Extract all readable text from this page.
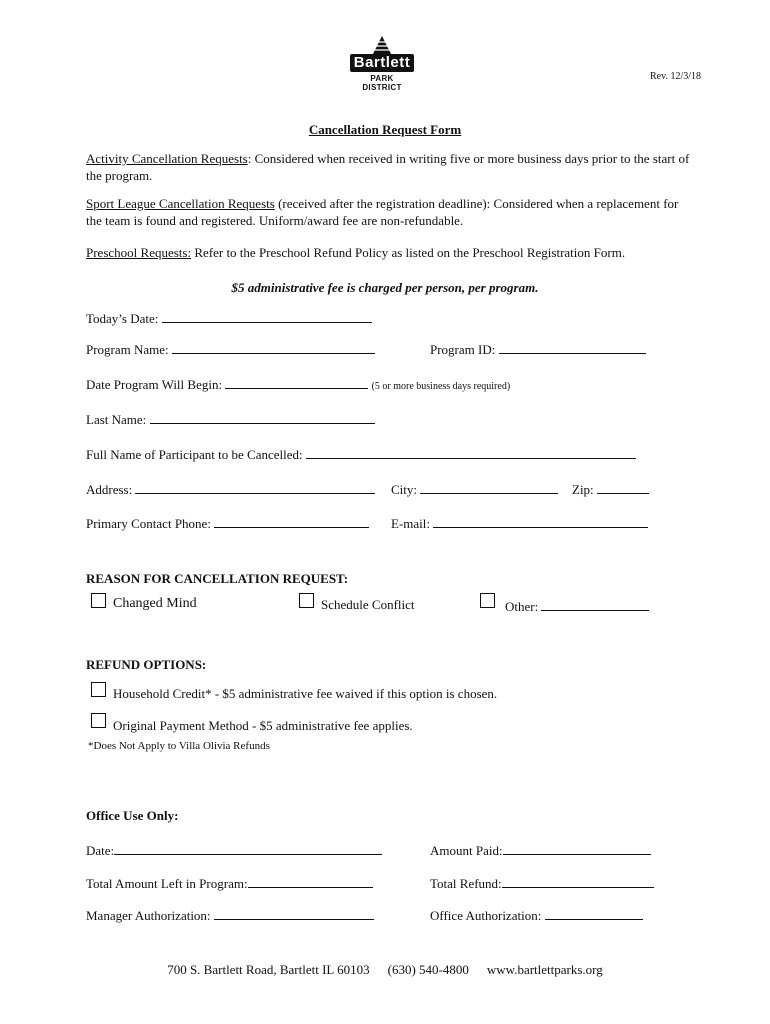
Bartlett
PARK DISTRICT
Rev. 12/3/18
Cancellation Request Form
Activity Cancellation Requests: Considered when received in writing five or more business days prior to the start of the program.
Sport League Cancellation Requests (received after the registration deadline): Considered when a replacement for the team is found and registered. Uniform/award fee are non-refundable.
Preschool Requests: Refer to the Preschool Refund Policy as listed on the Preschool Registration Form.
$5 administrative fee is charged per person, per program.
Today’s Date:
Program Name:	Program ID:
Date Program Will Begin:	(5 or more business days required)
Last Name:
Full Name of Participant to be Cancelled:
Address:	City:	Zip:
Primary Contact Phone:	E-mail:
REASON FOR CANCELLATION REQUEST:
Changed Mind	Schedule Conflict	Other:
REFUND OPTIONS:
Household Credit* - $5 administrative fee waived if this option is chosen.
Original Payment Method - $5 administrative fee applies.
*Does Not Apply to Villa Olivia Refunds
Office Use Only:
Date:	Amount Paid:
Total Amount Left in Program:	Total Refund:
Manager Authorization:	Office Authorization:
700 S. Bartlett Road, Bartlett IL 60103 (630) 540-4800 www.bartlettparks.org
